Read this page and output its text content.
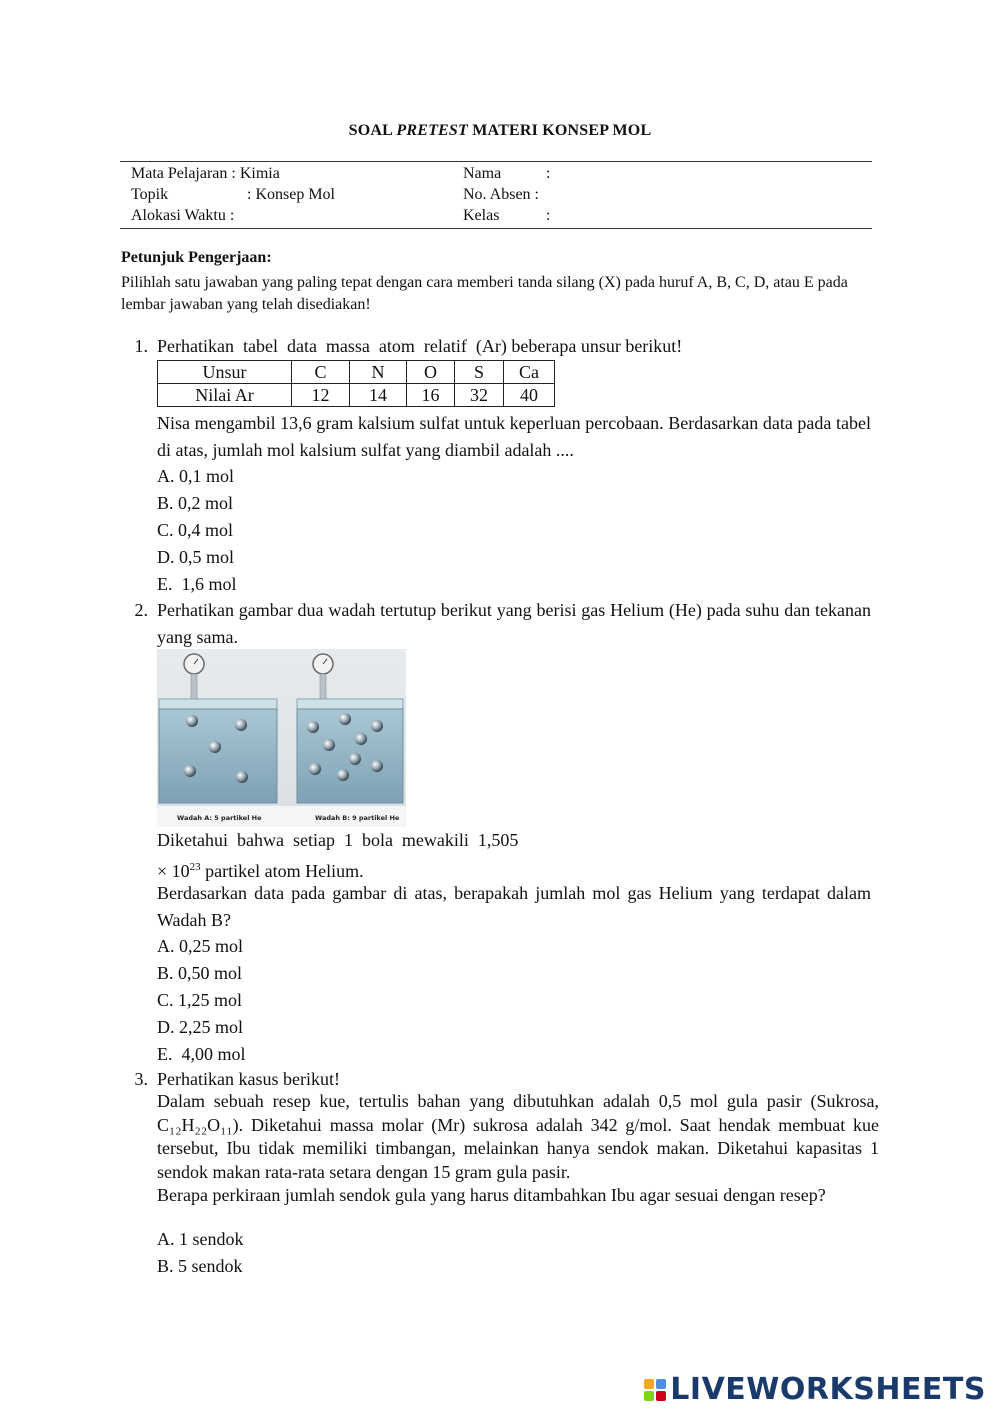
SOAL PRETEST MATERI KONSEP MOL
Mata Pelajaran : Kimia
Topik	: Konsep Mol
Alokasi Waktu :
Nama	:
No. Absen :
Kelas	:
Petunjuk Pengerjaan:
Pilihlah satu jawaban yang paling tepat dengan cara memberi tanda silang (X) pada huruf A, B, C, D, atau E pada lembar jawaban yang telah disediakan!
1. Perhatikan  tabel  data  massa  atom  relatif  (Ar) beberapa unsur berikut!
Unsur	C	N	O	S	Ca
Nilai Ar	12	14	16	32	40
Nisa mengambil 13,6 gram kalsium sulfat untuk keperluan percobaan. Berdasarkan data pada tabel di atas, jumlah mol kalsium sulfat yang diambil adalah ....
A. 0,1 mol
B. 0,2 mol
C. 0,4 mol
D. 0,5 mol
E.  1,6 mol
2. Perhatikan gambar dua wadah tertutup berikut yang berisi gas Helium (He) pada suhu dan tekanan yang sama.
Wadah A: 5 partikel He	Wadah B: 9 partikel He
Diketahui  bahwa  setiap  1  bola  mewakili  1,505
× $10^{23}$ partikel atom Helium.
Berdasarkan data pada gambar di atas, berapakah jumlah mol gas Helium yang terdapat dalam Wadah B?
A. 0,25 mol
B. 0,50 mol
C. 1,25 mol
D. 2,25 mol
E.  4,00 mol
3. Perhatikan kasus berikut!
Dalam sebuah resep kue, tertulis bahan yang dibutuhkan adalah 0,5 mol gula pasir (Sukrosa, C₁₂H₂₂O₁₁). Diketahui massa molar (Mr) sukrosa adalah 342 g/mol. Saat hendak membuat kue tersebut, Ibu tidak memiliki timbangan, melainkan hanya sendok makan. Diketahui kapasitas 1 sendok makan rata-rata setara dengan 15 gram gula pasir.
Berapa perkiraan jumlah sendok gula yang harus ditambahkan Ibu agar sesuai dengan resep?
A. 1 sendok
B. 5 sendok
LIVEWORKSHEETS
